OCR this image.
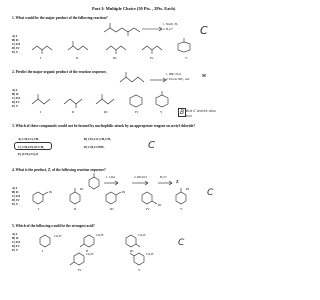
Part I: Multiple Choice (50 Pts. , 2Pts. Each)
1. What would be the major product of the following reaction?
1. NaOC₂H₅
2. H₃O⁺ C
A) I
B) II
C) III
D) IV
E) V
I	II	III	IV	V
2. Predict the major organic product of the reaction sequence,	1. HBr, H₂O
2. Excess NH₃, and
M
A) I
B) II
C) III
D) IV
E) V
I	II	III	IV	V	B But C works also too
3. Which of these compounds would not be formed by nucleophilic attack by an appropriate reagent on acetyl chloride?
A) CH₃CO₂CH₃
C) CH₃CH₂OCCH₃
E) (CH₃CO)₂O
B) CH₃CO₂CH₂CH₃
D) CH₃CONH₂	C
4. What is the product, Z, of the following reaction sequence?
1. LDA	2. PhCOCl	H₃O⁺
Z
A) I
B) II
C) III
D) IV
E) V
Ph
Ph
Ph
Ph
Ph
I	II	III	IV	V
C
5. Which of the following would be the strongest acid?
A) I
B) II
C) III
D) IV
E) V
CO₂H	CO₂H	CO₂H
CO₂H	CO₂H
I	II	III
IV	V
C
